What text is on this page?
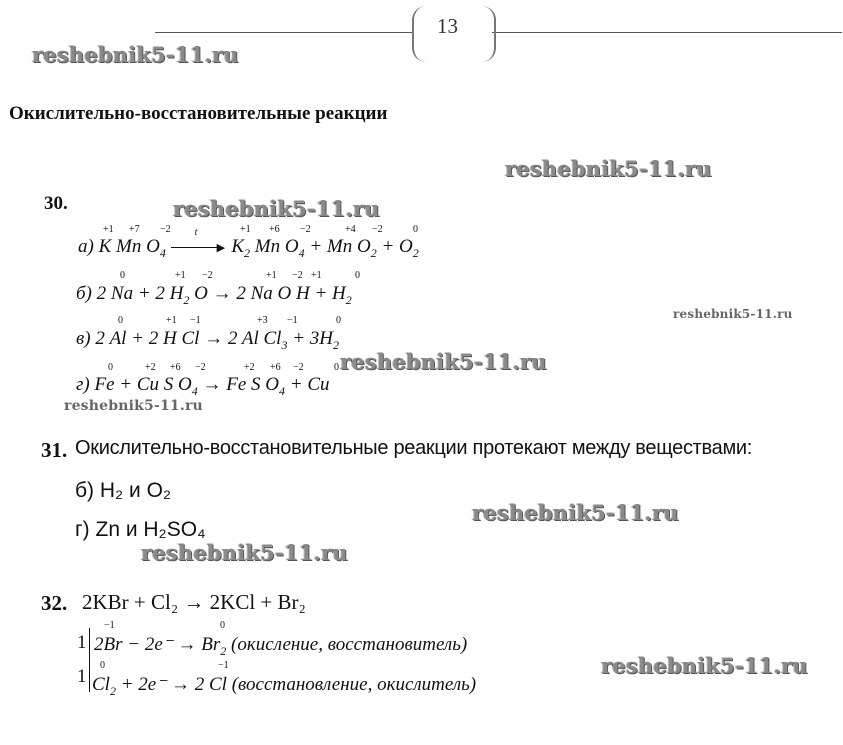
13
reshebnik5-11.ru
reshebnik5-11.ru
reshebnik5-11.ru
reshebnik5-11.ru
reshebnik5-11.ru
reshebnik5-11.ru
reshebnik5-11.ru
reshebnik5-11.ru
reshebnik5-11.ru
Окислительно-восстановительные реакции
30.
а) K Mn $O_4$
t
▶ $K_2$ Mn $O_4 + Mn$ $O_2 + O_2$
+1 +7 −2	+1 +6 −2	+4 −2	0
б) 2 Na + 2 $H_2$ O → 2 Na O $H + H_2$
0	+1 −2	+1 −2 +1	0
в) 2 Al + 2 H Cl → 2 Al $Cl_3 + 3H_2$
0	+1 −1	+3 −1	0
г) Fe + Cu S $O_4 \to Fe$ S $O_4 + Cu$
0	+2 +6 −2	+2 +6 −2	0
31. Окислительно-восстановительные реакции протекают между веществами:
б) H₂ и O₂
г) Zn и H₂SO₄
32. 2KBr + Cl₂ → 2KCl + Br₂
1
1
$2Br - 2e^- \to Br_2$ (окисление, восстановитель)
−1	0
$Cl_2 + 2e^- \to 2$ Cl (восстановление, окислитель)
0	−1
